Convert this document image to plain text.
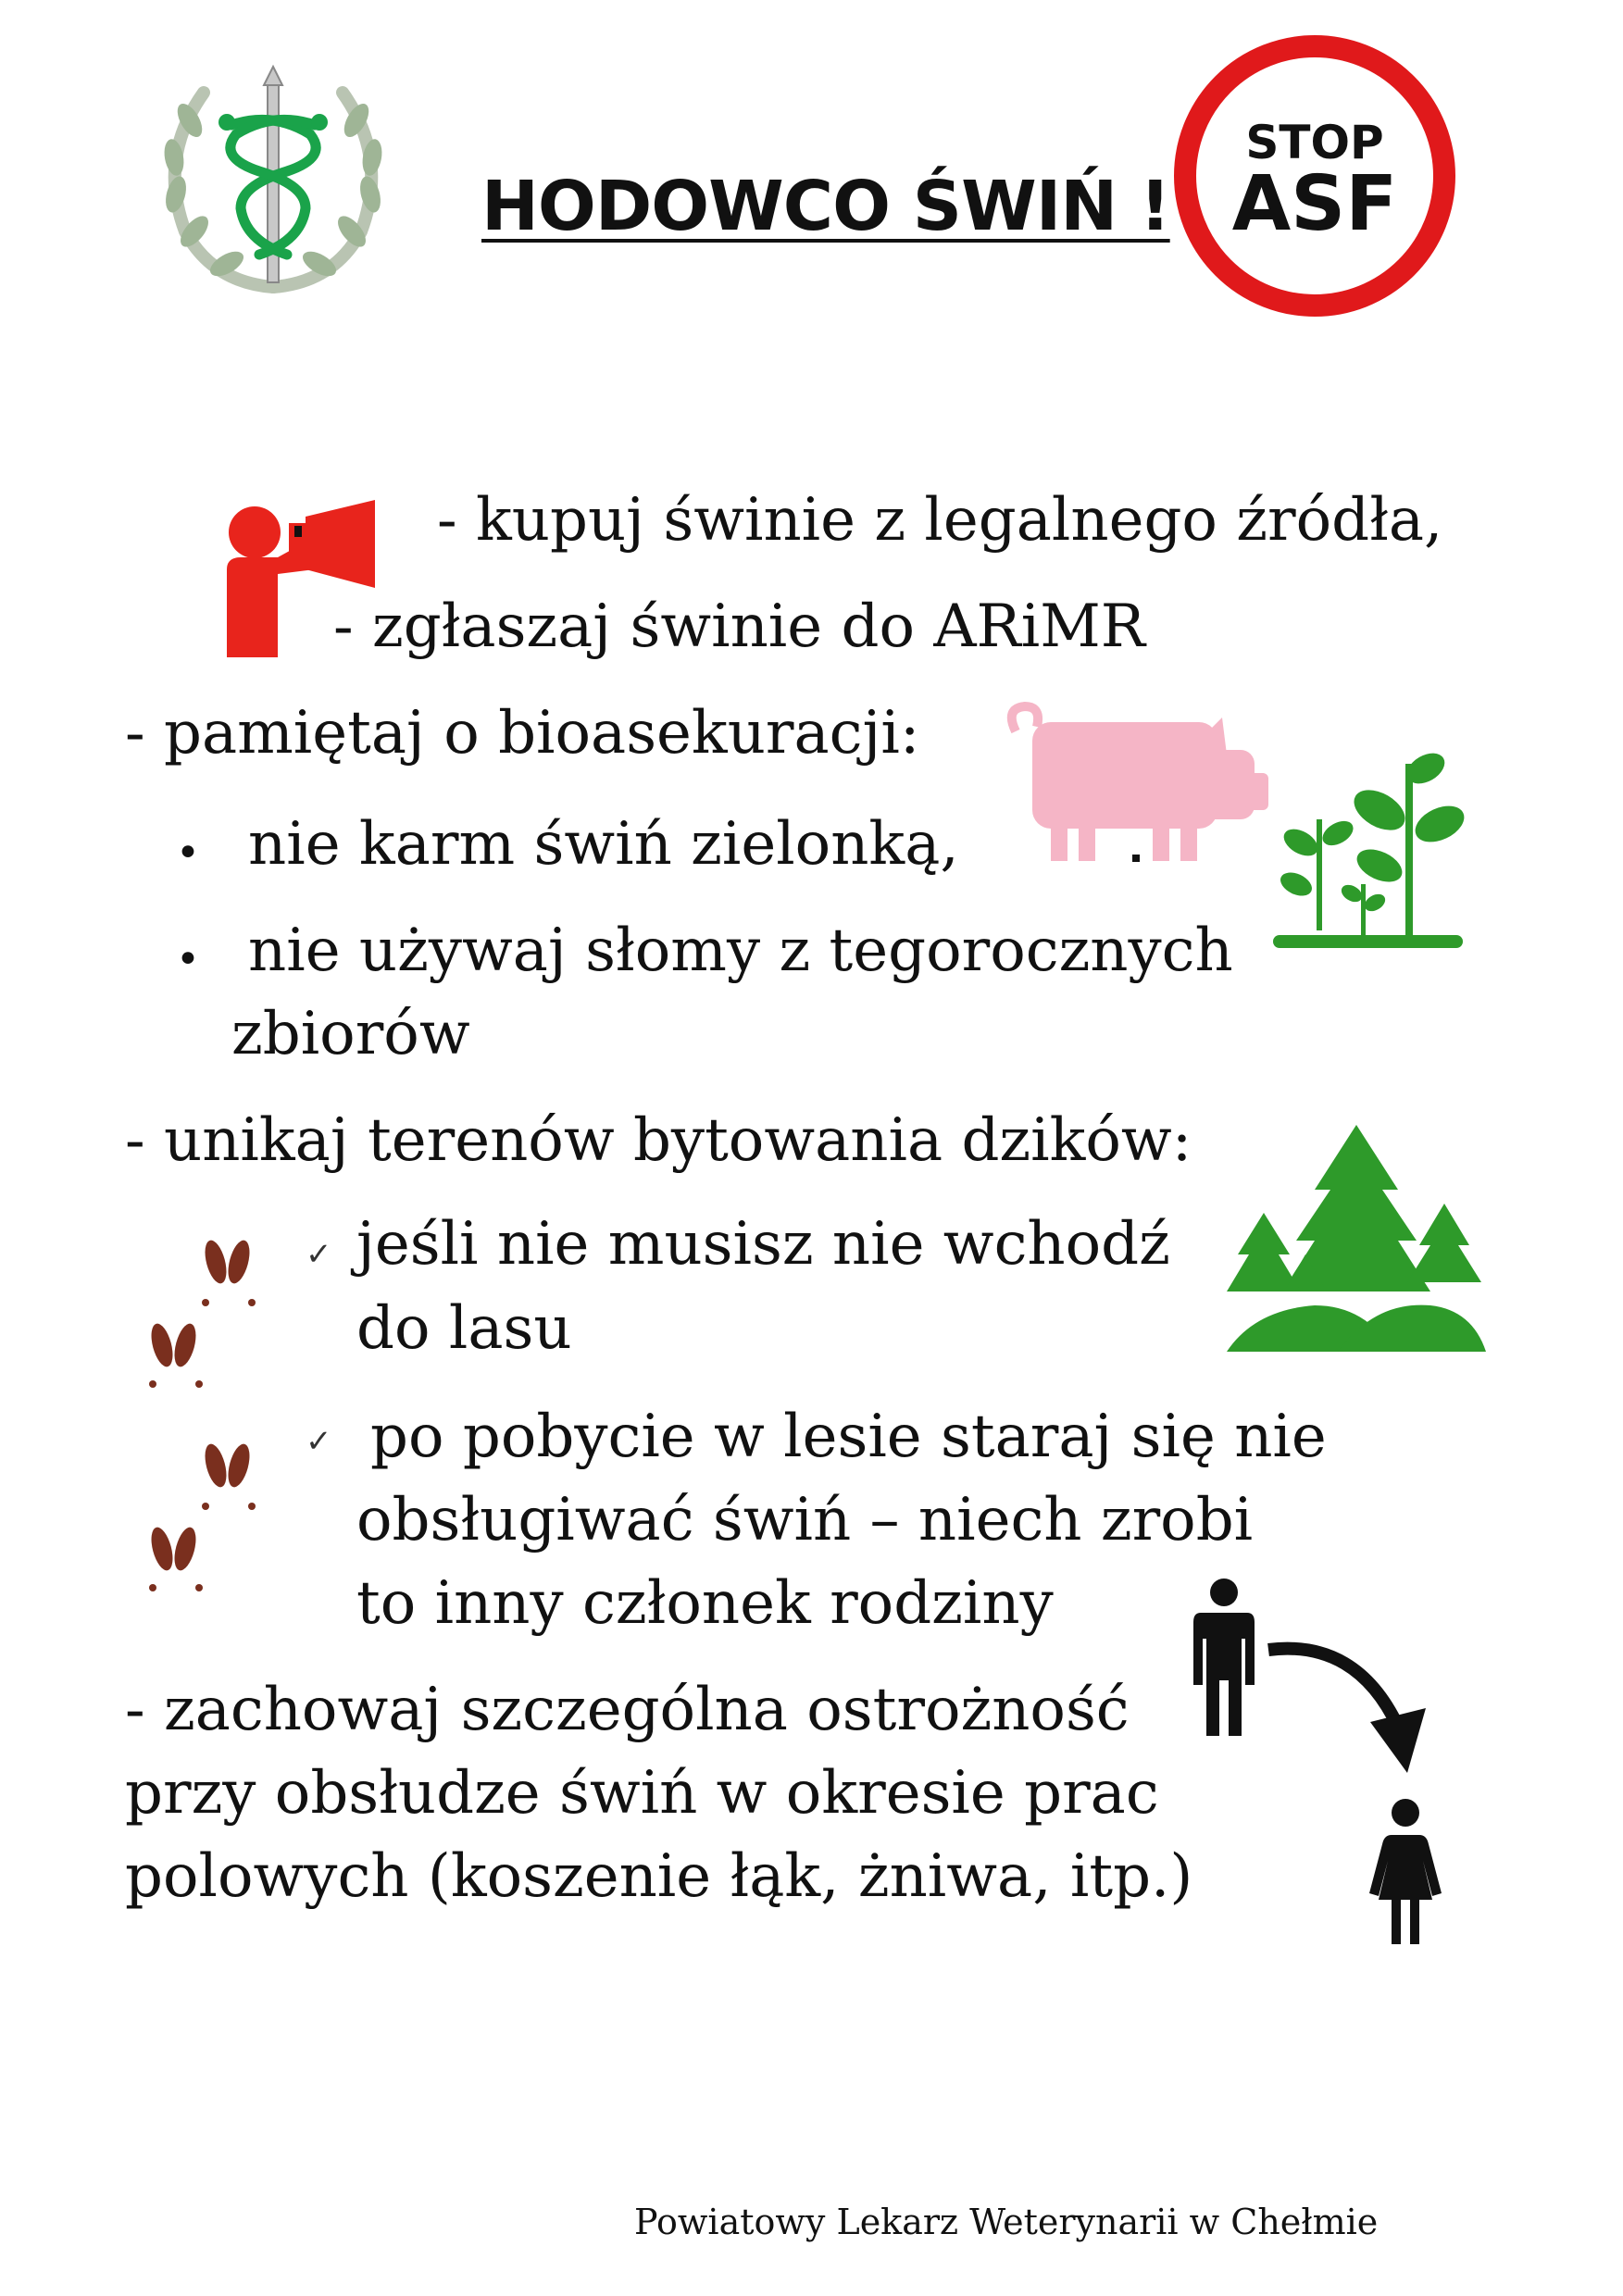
HODOWCO ŚWIŃ !
STOP
ASF
- kupuj świnie z legalnego źródła,
- zgłaszaj świnie do ARiMR
- pamiętaj o bioasekuracji:
• nie karm świń zielonką,
• nie używaj słomy z tegorocznych
zbiorów
- unikaj terenów bytowania dzików:
✓ jeśli nie musisz nie wchodź
do lasu
✓ po pobycie w lesie staraj się nie
obsługiwać świń – niech zrobi
to inny członek rodziny
- zachowaj szczególna ostrożność
przy obsłudze świń w okresie prac
polowych (koszenie łąk, żniwa, itp.)
Powiatowy Lekarz Weterynarii w Chełmie
